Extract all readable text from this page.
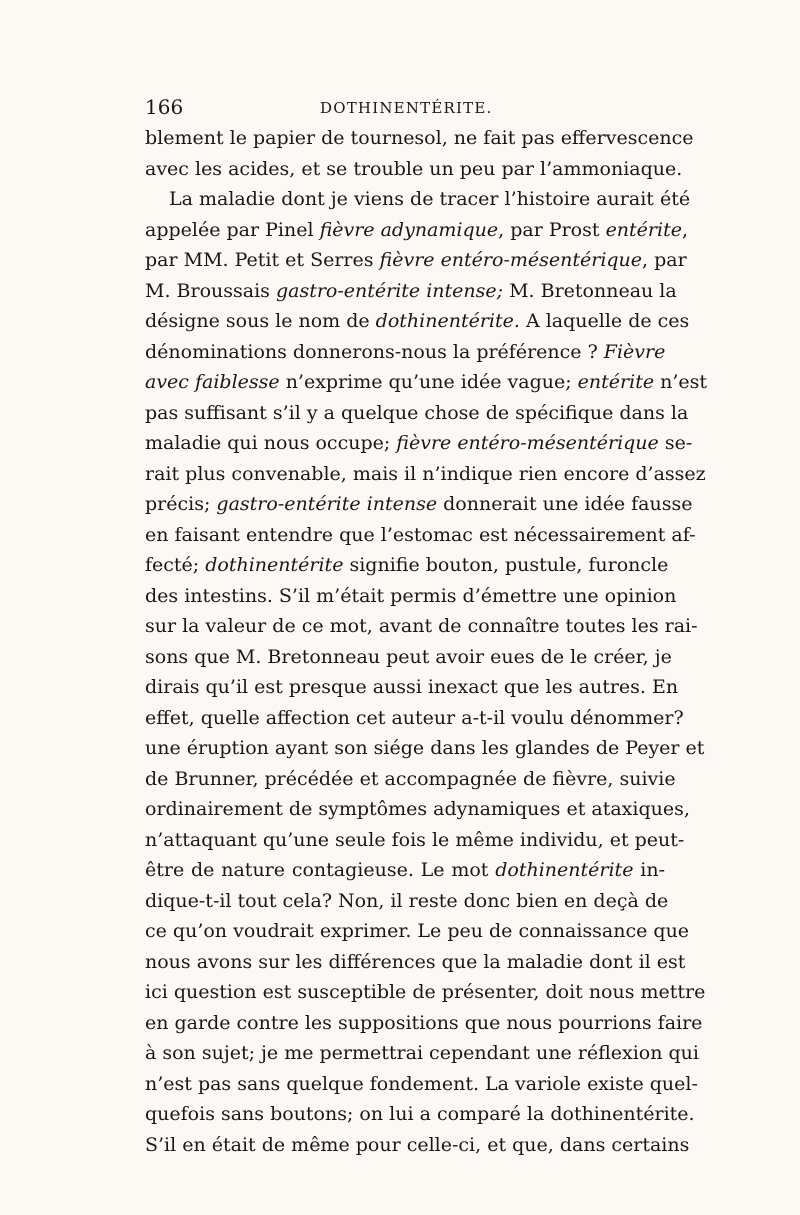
166	DOTHINENTÉRITE.
blement le papier de tournesol, ne fait pas effervescence
avec les acides, et se trouble un peu par l’ammoniaque.
La maladie dont je viens de tracer l’histoire aurait été
appelée par Pinel fièvre adynamique, par Prost entérite,
par MM. Petit et Serres fièvre entéro-mésentérique, par
M. Broussais gastro-entérite intense; M. Bretonneau la
désigne sous le nom de dothinentérite. A laquelle de ces
dénominations donnerons-nous la préférence ? Fièvre
avec faiblesse n’exprime qu’une idée vague; entérite n’est
pas suffisant s’il y a quelque chose de spécifique dans la
maladie qui nous occupe; fièvre entéro-mésentérique se-
rait plus convenable, mais il n’indique rien encore d’assez
précis; gastro-entérite intense donnerait une idée fausse
en faisant entendre que l’estomac est nécessairement af-
fecté; dothinentérite signifie bouton, pustule, furoncle
des intestins. S’il m’était permis d’émettre une opinion
sur la valeur de ce mot, avant de connaître toutes les rai-
sons que M. Bretonneau peut avoir eues de le créer, je
dirais qu’il est presque aussi inexact que les autres. En
effet, quelle affection cet auteur a-t-il voulu dénommer?
une éruption ayant son siége dans les glandes de Peyer et
de Brunner, précédée et accompagnée de fièvre, suivie
ordinairement de symptômes adynamiques et ataxiques,
n’attaquant qu’une seule fois le même individu, et peut-
être de nature contagieuse. Le mot dothinentérite in-
dique-t-il tout cela? Non, il reste donc bien en deçà de
ce qu’on voudrait exprimer. Le peu de connaissance que
nous avons sur les différences que la maladie dont il est
ici question est susceptible de présenter, doit nous mettre
en garde contre les suppositions que nous pourrions faire
à son sujet; je me permettrai cependant une réflexion qui
n’est pas sans quelque fondement. La variole existe quel-
quefois sans boutons; on lui a comparé la dothinentérite.
S’il en était de même pour celle-ci, et que, dans certains
